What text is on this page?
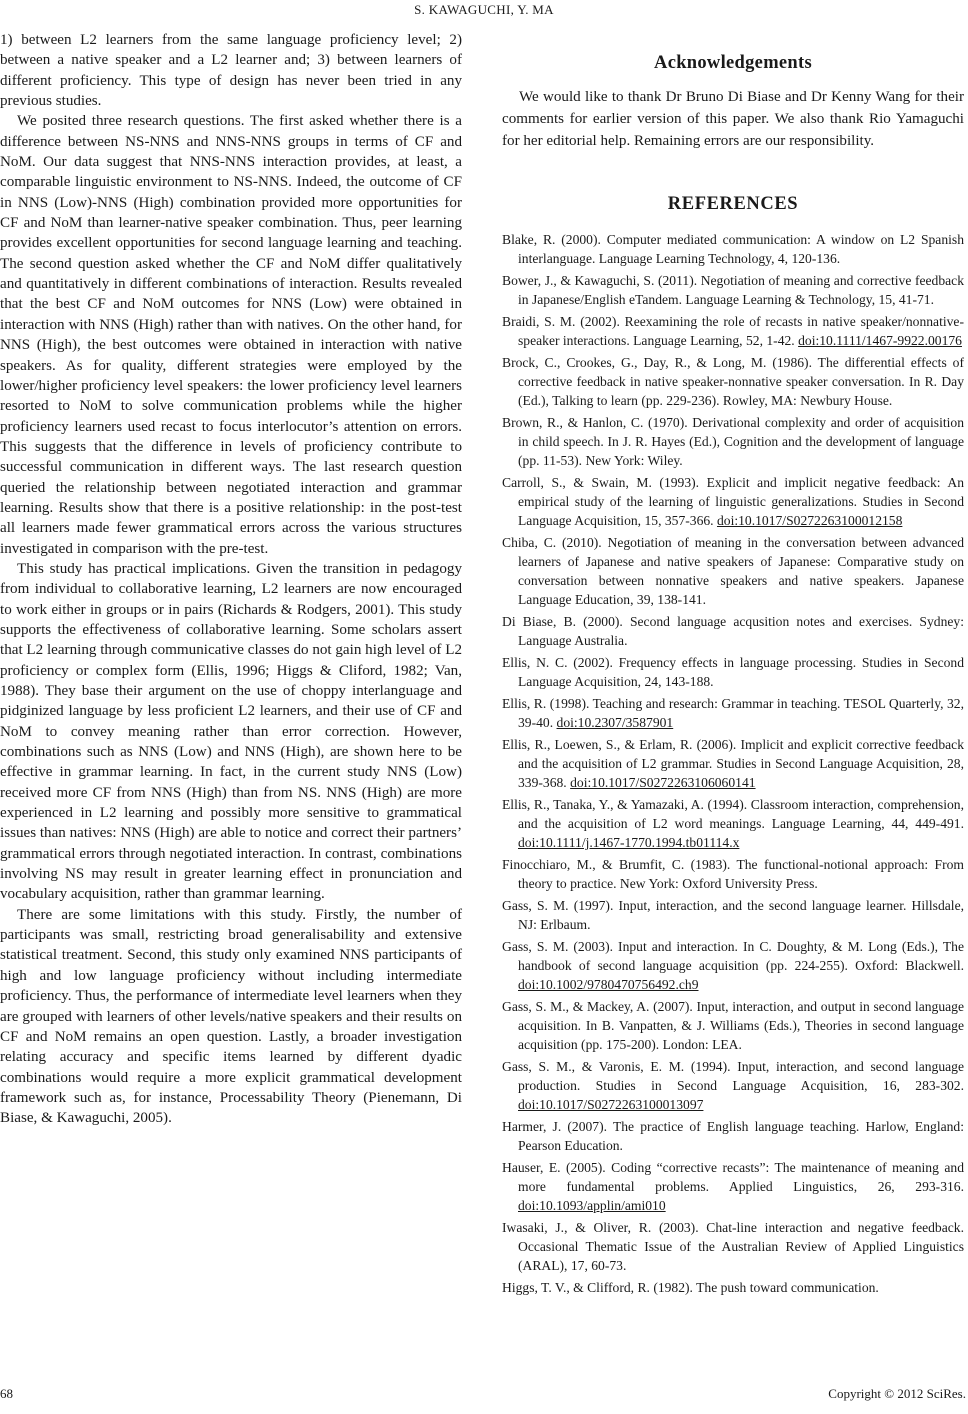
S. KAWAGUCHI, Y. MA

1) between L2 learners from the same language proficiency level; 2) between a native speaker and a L2 learner and; 3) between learners of different proficiency. This type of design has never been tried in any previous studies.

We posited three research questions. The first asked whether there is a difference between NS-NNS and NNS-NNS groups in terms of CF and NoM. Our data suggest that NNS-NNS interaction provides, at least, a comparable linguistic environment to NS-NNS. Indeed, the outcome of CF in NNS (Low)-NNS (High) combination provided more opportunities for CF and NoM than learner-native speaker combination. Thus, peer learning provides excellent opportunities for second language learning and teaching. The second question asked whether the CF and NoM differ qualitatively and quantitatively in different combinations of interaction. Results revealed that the best CF and NoM outcomes for NNS (Low) were obtained in interaction with NNS (High) rather than with natives. On the other hand, for NNS (High), the best outcomes were obtained in interaction with native speakers. As for quality, different strategies were employed by the lower/higher proficiency level speakers: the lower proficiency level learners resorted to NoM to solve communication problems while the higher proficiency learners used recast to focus interlocutor’s attention on errors. This suggests that the difference in levels of proficiency contribute to successful communication in different ways. The last research question queried the relationship between negotiated interaction and grammar learning. Results show that there is a positive relationship: in the post-test all learners made fewer grammatical errors across the various structures investigated in comparison with the pre-test.

This study has practical implications. Given the transition in pedagogy from individual to collaborative learning, L2 learners are now encouraged to work either in groups or in pairs (Richards & Rodgers, 2001). This study supports the effectiveness of collaborative learning. Some scholars assert that L2 learning through communicative classes do not gain high level of L2 proficiency or complex form (Ellis, 1996; Higgs & Cliford, 1982; Van, 1988). They base their argument on the use of choppy interlanguage and pidginized language by less proficient L2 learners, and their use of CF and NoM to convey meaning rather than error correction. However, combinations such as NNS (Low) and NNS (High), are shown here to be effective in grammar learning. In fact, in the current study NNS (Low) received more CF from NNS (High) than from NS. NNS (High) are more experienced in L2 learning and possibly more sensitive to grammatical issues than natives: NNS (High) are able to notice and correct their partners’ grammatical errors through negotiated interaction. In contrast, combinations involving NS may result in greater learning effect in pronunciation and vocabulary acquisition, rather than grammar learning.

There are some limitations with this study. Firstly, the number of participants was small, restricting broad generalisability and extensive statistical treatment. Second, this study only examined NNS participants of high and low language proficiency without including intermediate proficiency. Thus, the performance of intermediate level learners when they are grouped with learners of other levels/native speakers and their results on CF and NoM remains an open question. Lastly, a broader investigation relating accuracy and specific items learned by different dyadic combinations would require a more explicit grammatical development framework such as, for instance, Processability Theory (Pienemann, Di Biase, & Kawaguchi, 2005).

Acknowledgements

We would like to thank Dr Bruno Di Biase and Dr Kenny Wang for their comments for earlier version of this paper. We also thank Rio Yamaguchi for her editorial help. Remaining errors are our responsibility.

REFERENCES
Blake, R. (2000). Computer mediated communication: A window on L2 Spanish interlanguage. Language Learning Technology, 4, 120-136.
Bower, J., & Kawaguchi, S. (2011). Negotiation of meaning and corrective feedback in Japanese/English eTandem. Language Learning & Technology, 15, 41-71.
Braidi, S. M. (2002). Reexamining the role of recasts in native speaker/nonnative-speaker interactions. Language Learning, 52, 1-42. doi:10.1111/1467-9922.00176
Brock, C., Crookes, G., Day, R., & Long, M. (1986). The differential effects of corrective feedback in native speaker-nonnative speaker conversation. In R. Day (Ed.), Talking to learn (pp. 229-236). Rowley, MA: Newbury House.
Brown, R., & Hanlon, C. (1970). Derivational complexity and order of acquisition in child speech. In J. R. Hayes (Ed.), Cognition and the development of language (pp. 11-53). New York: Wiley.
Carroll, S., & Swain, M. (1993). Explicit and implicit negative feedback: An empirical study of the learning of linguistic generalizations. Studies in Second Language Acquisition, 15, 357-366. doi:10.1017/S0272263100012158
Chiba, C. (2010). Negotiation of meaning in the conversation between advanced learners of Japanese and native speakers of Japanese: Comparative study on conversation between nonnative speakers and native speakers. Japanese Language Education, 39, 138-141.
Di Biase, B. (2000). Second language acqusition notes and exercises. Sydney: Language Australia.
Ellis, N. C. (2002). Frequency effects in language processing. Studies in Second Language Acquisition, 24, 143-188.
Ellis, R. (1998). Teaching and research: Grammar in teaching. TESOL Quarterly, 32, 39-40. doi:10.2307/3587901
Ellis, R., Loewen, S., & Erlam, R. (2006). Implicit and explicit corrective feedback and the acquisition of L2 grammar. Studies in Second Language Acquisition, 28, 339-368. doi:10.1017/S0272263106060141
Ellis, R., Tanaka, Y., & Yamazaki, A. (1994). Classroom interaction, comprehension, and the acquisition of L2 word meanings. Language Learning, 44, 449-491. doi:10.1111/j.1467-1770.1994.tb01114.x
Finocchiaro, M., & Brumfit, C. (1983). The functional-notional approach: From theory to practice. New York: Oxford University Press.
Gass, S. M. (1997). Input, interaction, and the second language learner. Hillsdale, NJ: Erlbaum.
Gass, S. M. (2003). Input and interaction. In C. Doughty, & M. Long (Eds.), The handbook of second language acquisition (pp. 224-255). Oxford: Blackwell. doi:10.1002/9780470756492.ch9
Gass, S. M., & Mackey, A. (2007). Input, interaction, and output in second language acquisition. In B. Vanpatten, & J. Williams (Eds.), Theories in second language acquisition (pp. 175-200). London: LEA.
Gass, S. M., & Varonis, E. M. (1994). Input, interaction, and second language production. Studies in Second Language Acquisition, 16, 283-302. doi:10.1017/S0272263100013097
Harmer, J. (2007). The practice of English language teaching. Harlow, England: Pearson Education.
Hauser, E. (2005). Coding “corrective recasts”: The maintenance of meaning and more fundamental problems. Applied Linguistics, 26, 293-316. doi:10.1093/applin/ami010
Iwasaki, J., & Oliver, R. (2003). Chat-line interaction and negative feedback. Occasional Thematic Issue of the Australian Review of Applied Linguistics (ARAL), 17, 60-73.
Higgs, T. V., & Clifford, R. (1982). The push toward communication.
68	Copyright © 2012 SciRes.
